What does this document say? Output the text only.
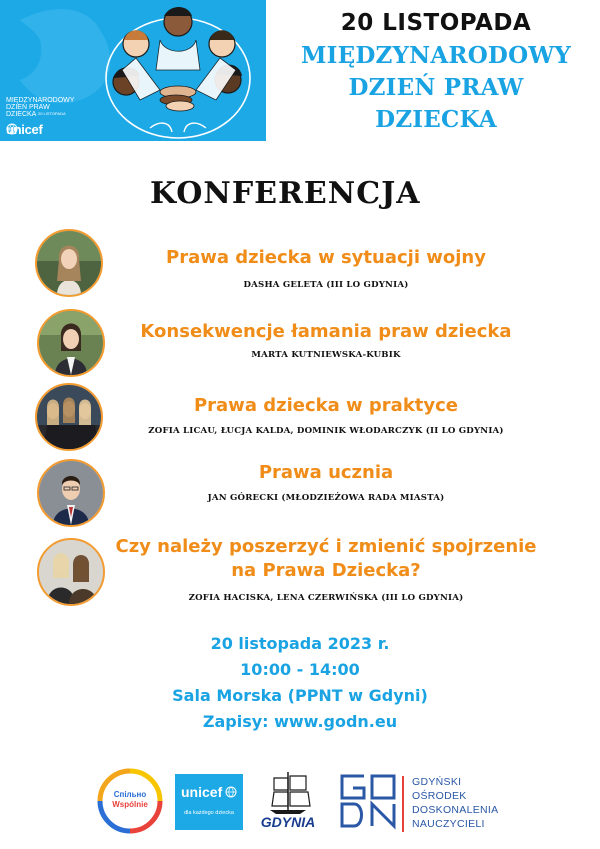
MIĘDZYNARODOWY
DZIEŃ PRAW
DZIECKA 20 LISTOPADA
unicef
20 LISTOPADA
MIĘDZYNARODOWY
DZIEŃ PRAW
DZIECKA
KONFERENCJA
Prawa dziecka w sytuacji wojny
DASHA GELETA (III LO GDYNIA)
Konsekwencje łamania praw dziecka
MARTA KUTNIEWSKA-KUBIK
Prawa dziecka w praktyce
ZOFIA LICAU, ŁUCJA KALDA, DOMINIK WŁODARCZYK (II LO GDYNIA)
Prawa ucznia
JAN GÓRECKI (MŁODZIEŻOWA RADA MIASTA)
Czy należy poszerzyć i zmienić spojrzenie
na Prawa Dziecka?
ZOFIA HACISKA, LENA CZERWIŃSKA (III LO GDYNIA)
20 listopada 2023 r.
10:00 - 14:00
Sala Morska (PPNT w Gdyni)
Zapisy: www.godn.eu
Спільно
Wspólnie
unicef
dla każdego dziecka
GDYNIA
GDYŃSKI
OŚRODEK
DOSKONALENIA
NAUCZYCIELI
